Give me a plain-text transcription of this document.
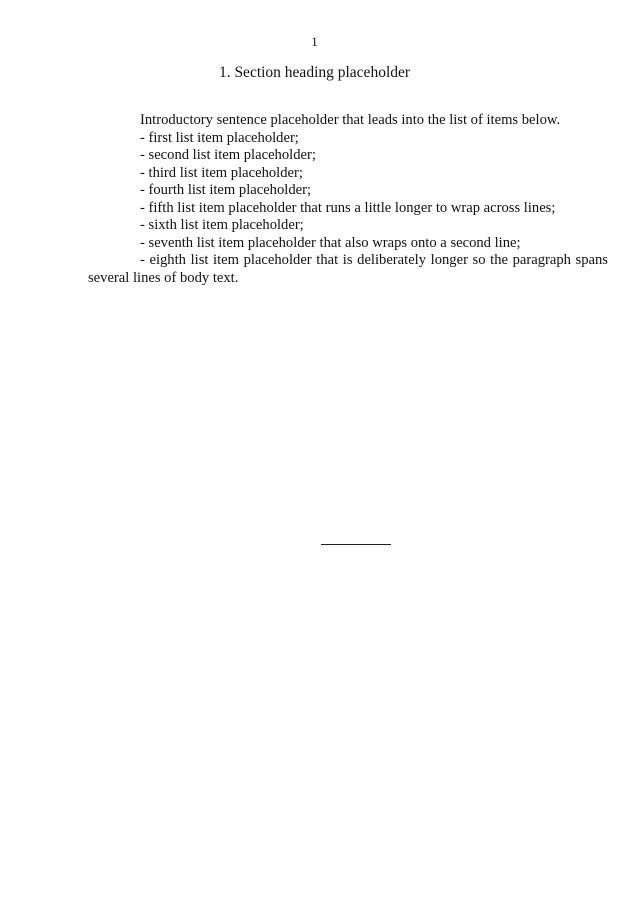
1
1. Section heading placeholder

Introductory sentence placeholder that leads into the list of items below.

- first list item placeholder;

- second list item placeholder;

- third list item placeholder;

- fourth list item placeholder;

- fifth list item placeholder that runs a little longer to wrap across lines;

- sixth list item placeholder;

- seventh list item placeholder that also wraps onto a second line;

- eighth list item placeholder that is deliberately longer so the paragraph spans several lines of body text.
